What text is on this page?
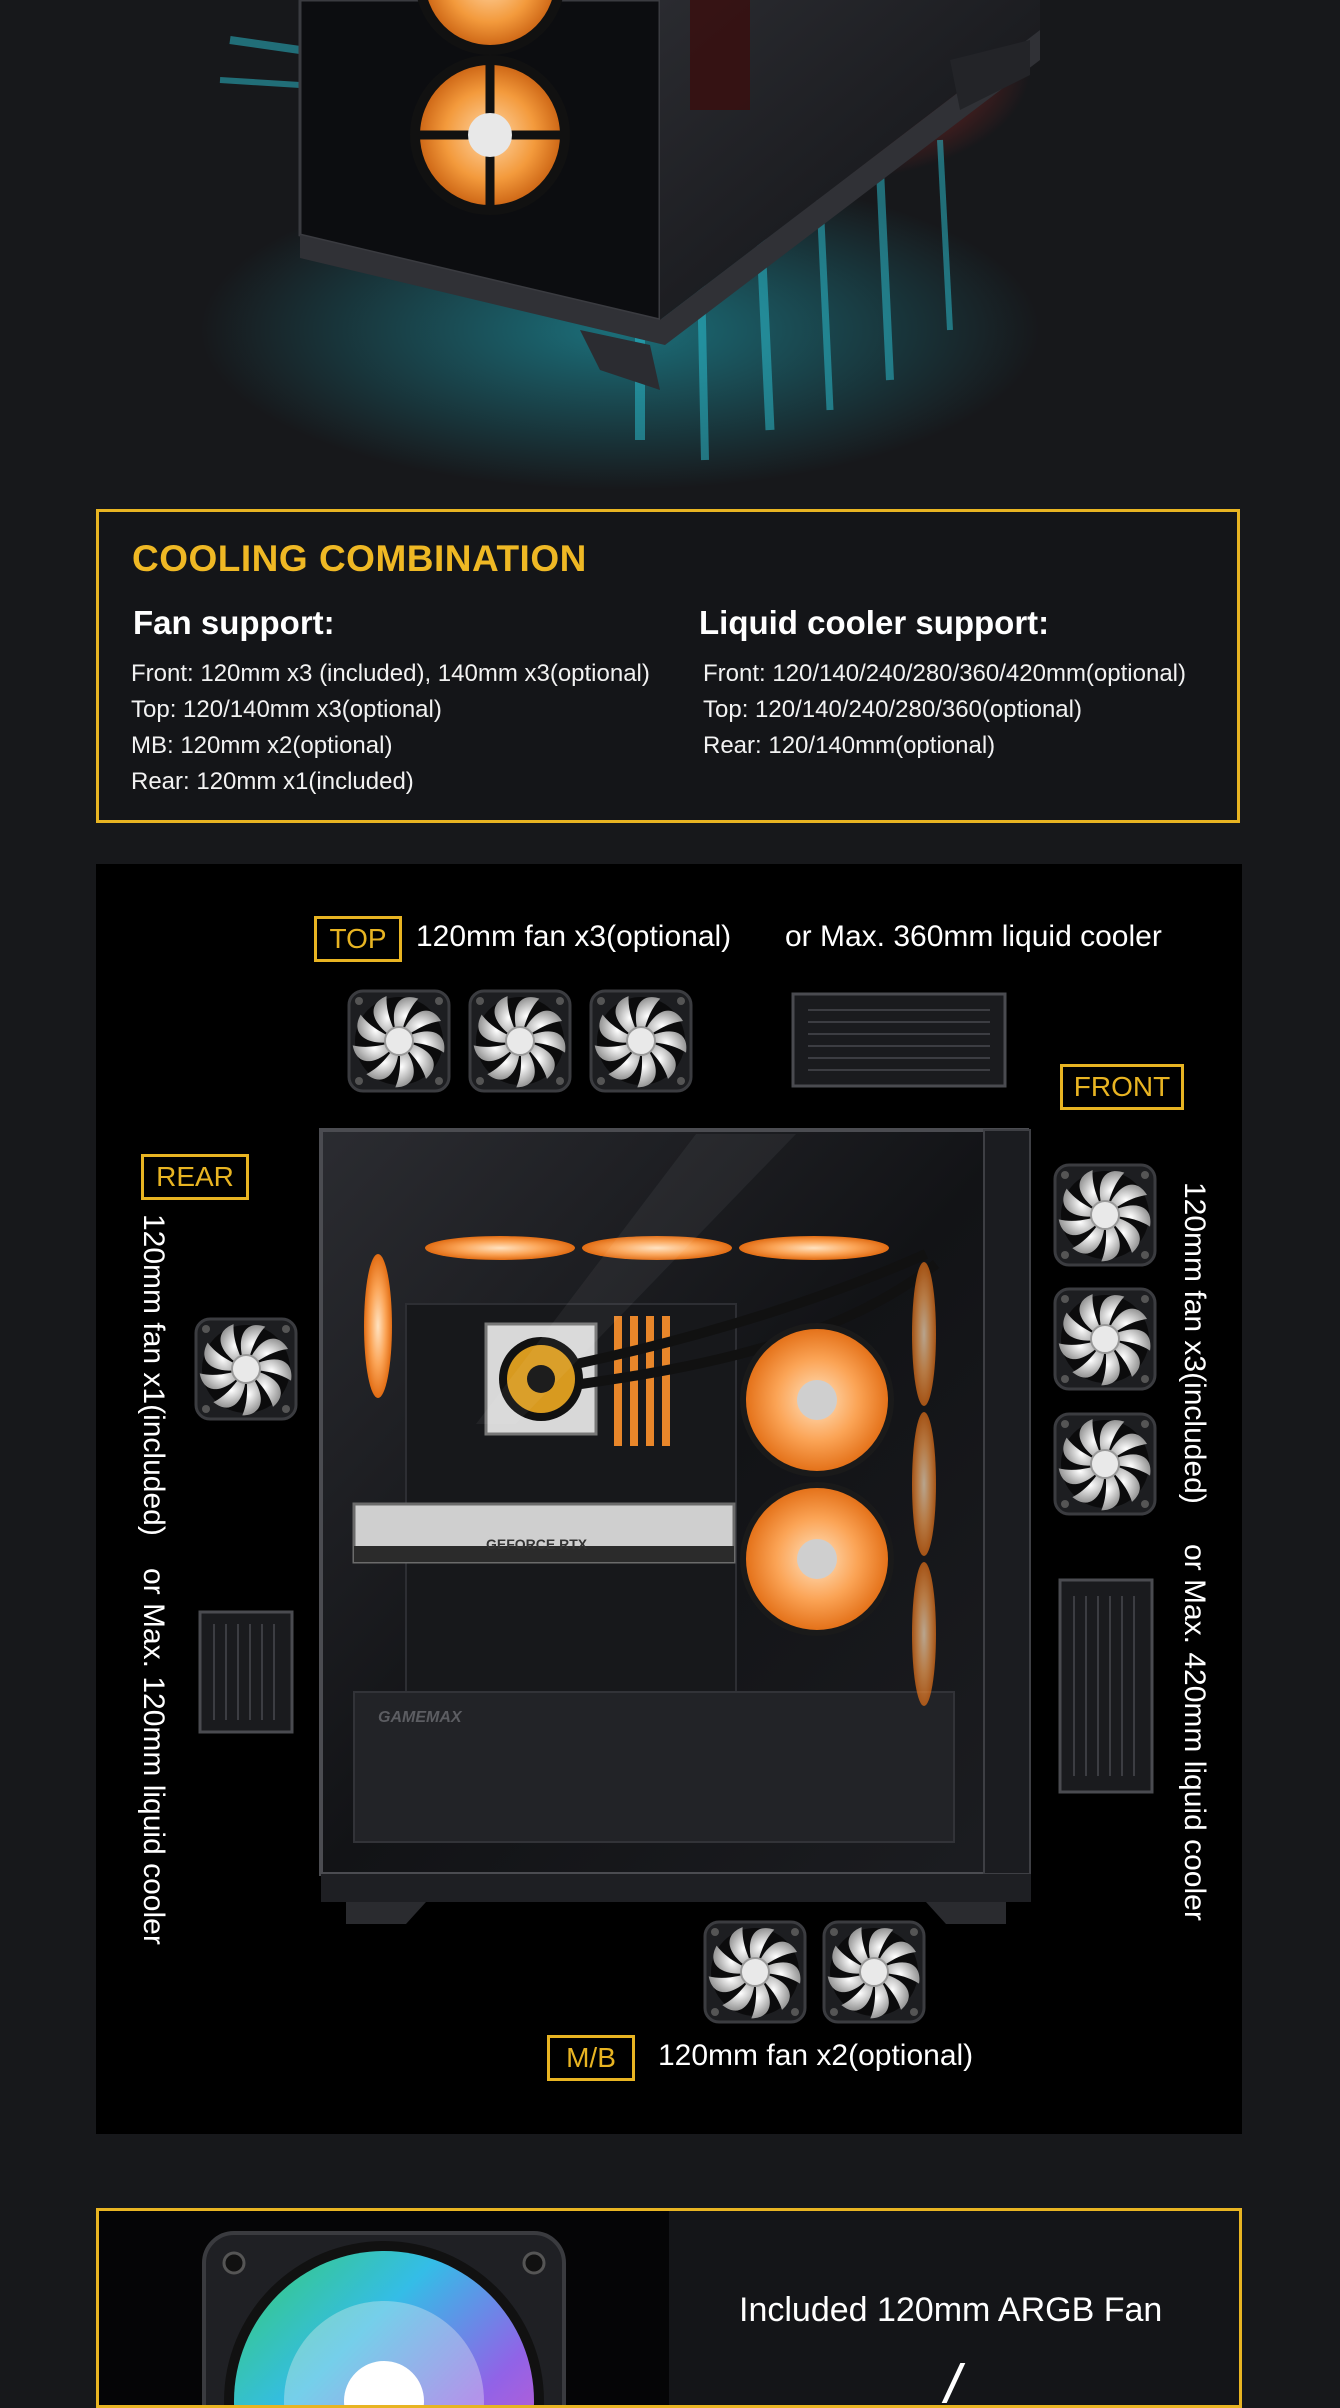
COOLING COMBINATION
Fan support:
Front: 120mm x3 (included), 140mm x3(optional)
Top: 120/140mm x3(optional)
MB: 120mm x2(optional)
Rear: 120mm x1(included)
Liquid cooler support:
Front: 120/140/240/280/360/420mm(optional)
Top: 120/140/240/280/360(optional)
Rear: 120/140mm(optional)
TOP 120mm fan x3(optional) or Max. 360mm liquid cooler
FRONT
120mm fan x3(included)
or Max. 420mm liquid cooler
REAR
120mm fan x1(included)
or Max. 120mm liquid cooler
M/B	120mm fan x2(optional)
GEFORCE RTX
GAMEMAX
Included 120mm ARGB Fan
